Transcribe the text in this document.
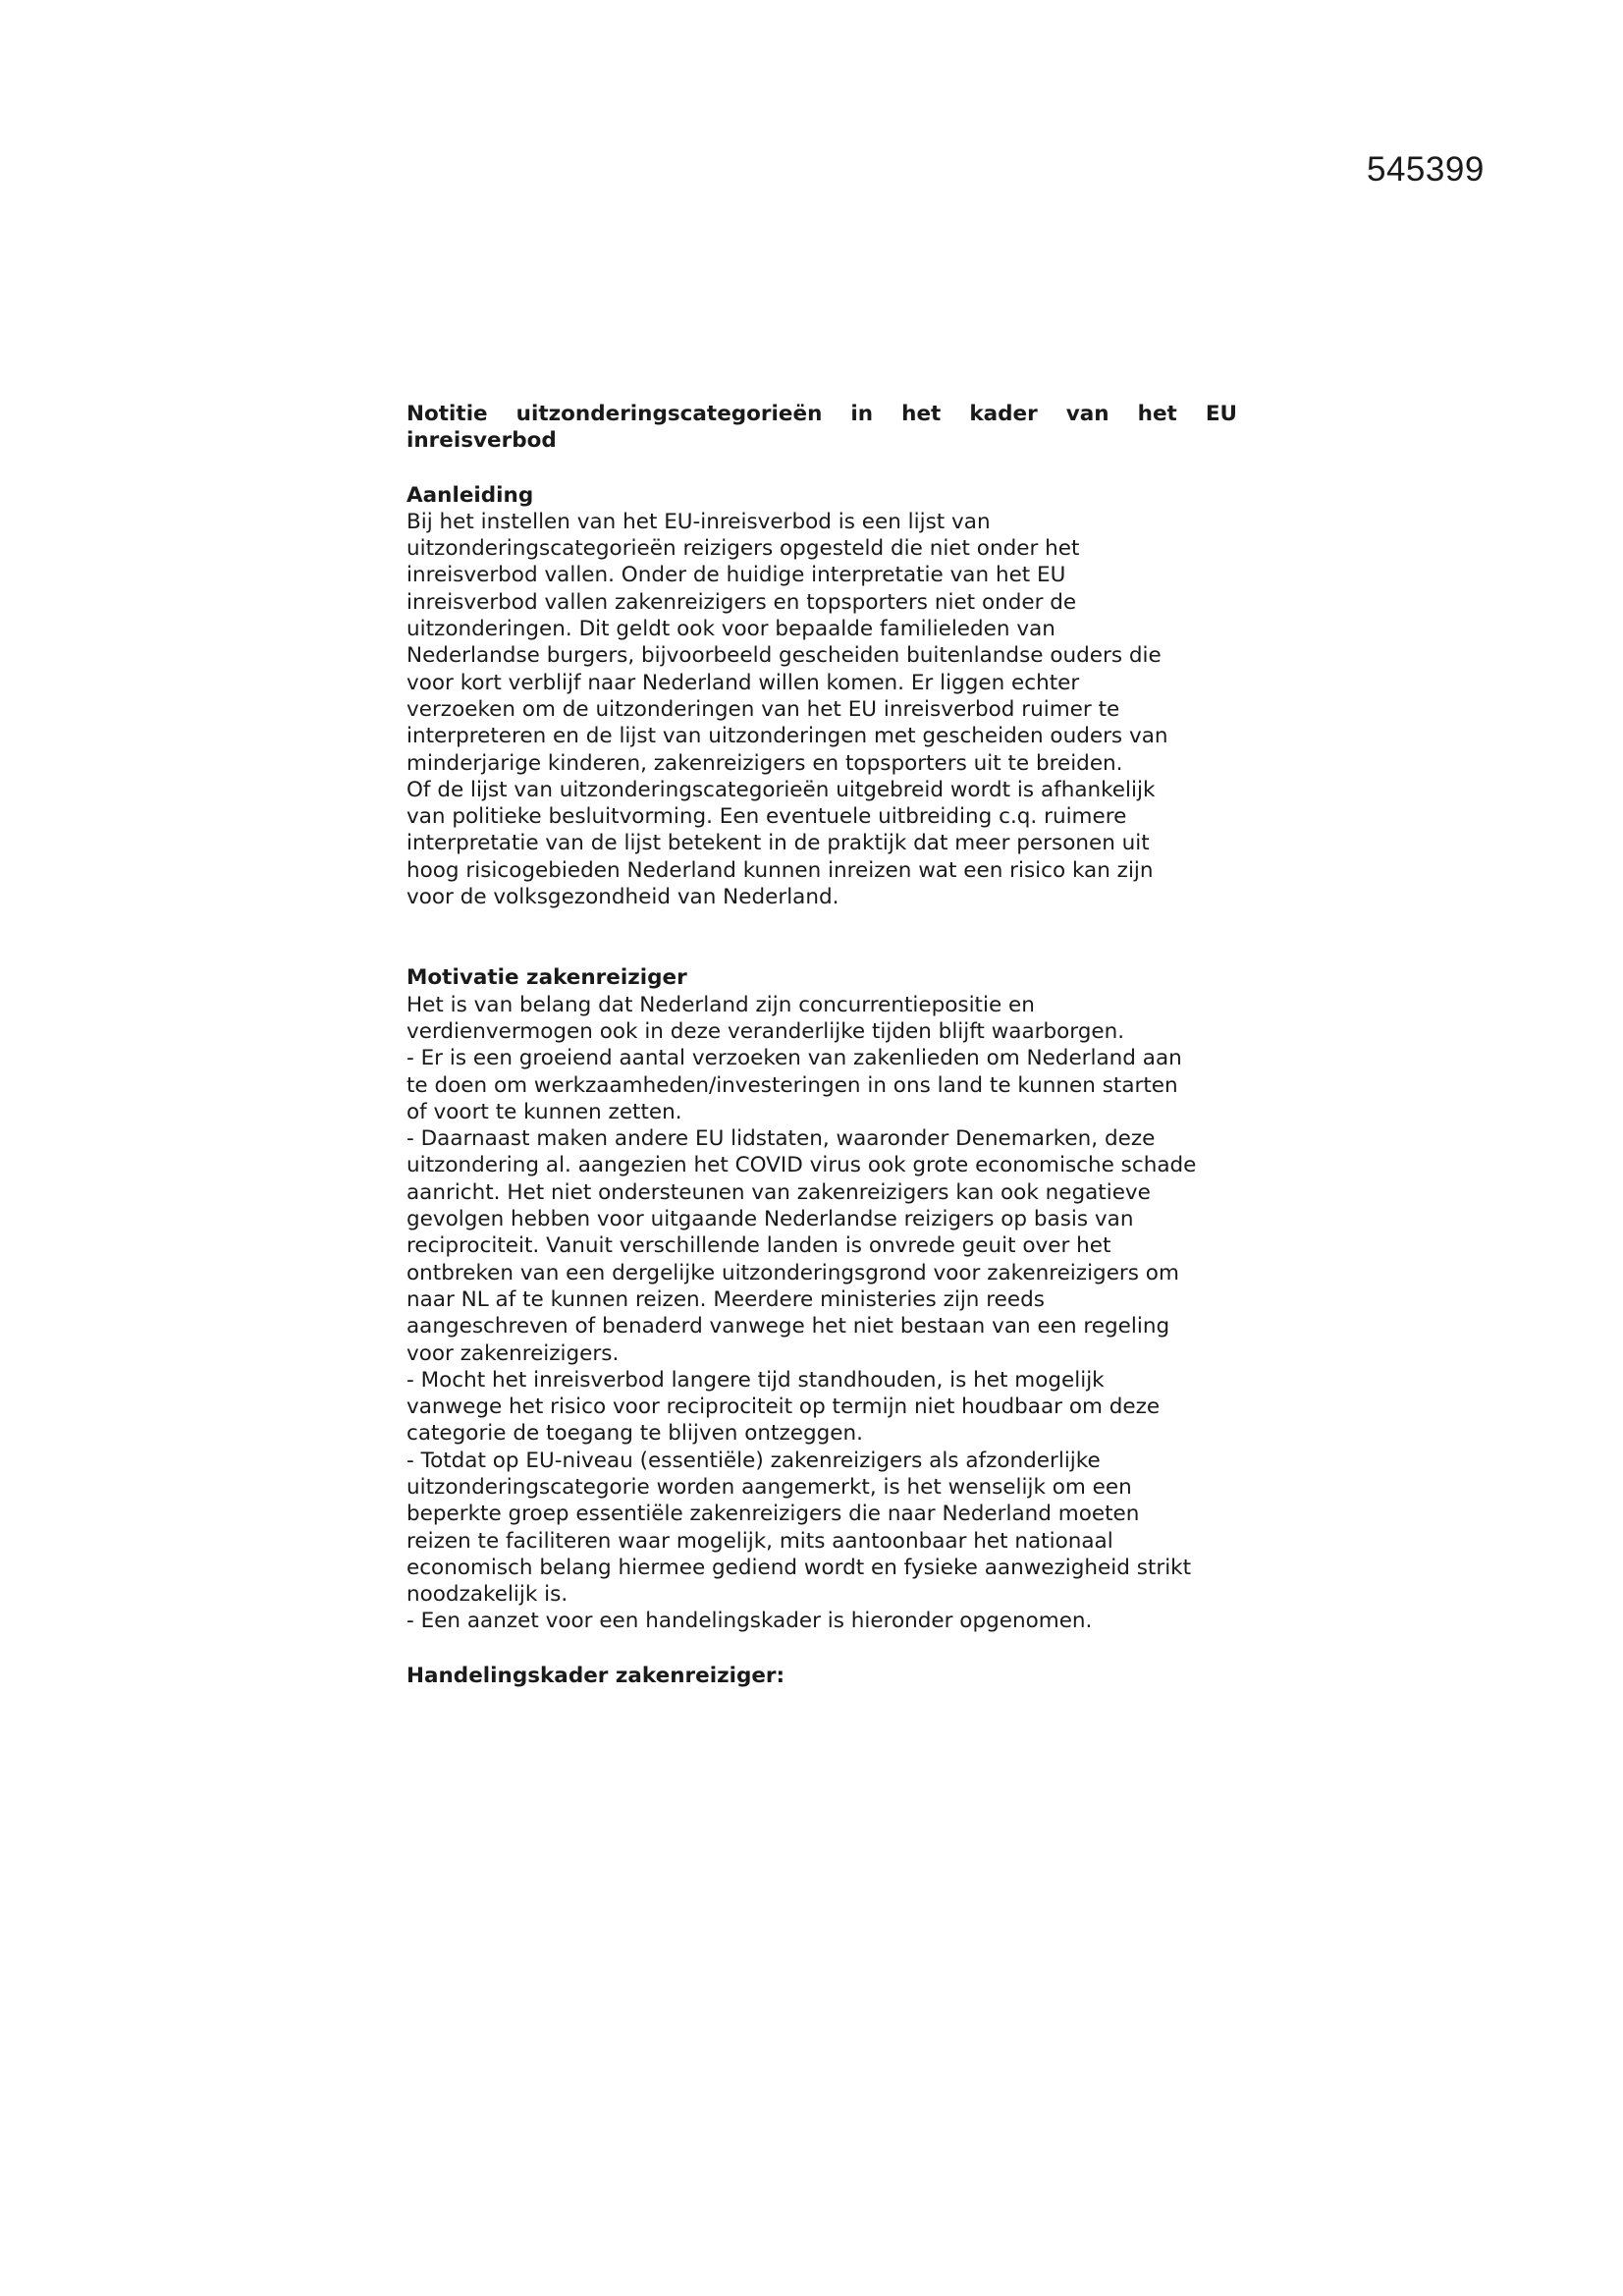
545399

Notitie uitzonderingscategorieën in het kader van het EU inreisverbod

Aanleiding

Bij het instellen van het EU-inreisverbod is een lijst van
uitzonderingscategorieën reizigers opgesteld die niet onder het
inreisverbod vallen. Onder de huidige interpretatie van het EU
inreisverbod vallen zakenreizigers en topsporters niet onder de
uitzonderingen. Dit geldt ook voor bepaalde familieleden van
Nederlandse burgers, bijvoorbeeld gescheiden buitenlandse ouders die
voor kort verblijf naar Nederland willen komen. Er liggen echter
verzoeken om de uitzonderingen van het EU inreisverbod ruimer te
interpreteren en de lijst van uitzonderingen met gescheiden ouders van
minderjarige kinderen, zakenreizigers en topsporters uit te breiden.
Of de lijst van uitzonderingscategorieën uitgebreid wordt is afhankelijk
van politieke besluitvorming. Een eventuele uitbreiding c.q. ruimere
interpretatie van de lijst betekent in de praktijk dat meer personen uit
hoog risicogebieden Nederland kunnen inreizen wat een risico kan zijn
voor de volksgezondheid van Nederland.

Motivatie zakenreiziger

Het is van belang dat Nederland zijn concurrentiepositie en
verdienvermogen ook in deze veranderlijke tijden blijft waarborgen.
- Er is een groeiend aantal verzoeken van zakenlieden om Nederland aan
te doen om werkzaamheden/investeringen in ons land te kunnen starten
of voort te kunnen zetten.
- Daarnaast maken andere EU lidstaten, waaronder Denemarken, deze
uitzondering al. aangezien het COVID virus ook grote economische schade
aanricht. Het niet ondersteunen van zakenreizigers kan ook negatieve
gevolgen hebben voor uitgaande Nederlandse reizigers op basis van
reciprociteit. Vanuit verschillende landen is onvrede geuit over het
ontbreken van een dergelijke uitzonderingsgrond voor zakenreizigers om
naar NL af te kunnen reizen. Meerdere ministeries zijn reeds
aangeschreven of benaderd vanwege het niet bestaan van een regeling
voor zakenreizigers.
- Mocht het inreisverbod langere tijd standhouden, is het mogelijk
vanwege het risico voor reciprociteit op termijn niet houdbaar om deze
categorie de toegang te blijven ontzeggen.
- Totdat op EU-niveau (essentiële) zakenreizigers als afzonderlijke
uitzonderingscategorie worden aangemerkt, is het wenselijk om een
beperkte groep essentiële zakenreizigers die naar Nederland moeten
reizen te faciliteren waar mogelijk, mits aantoonbaar het nationaal
economisch belang hiermee gediend wordt en fysieke aanwezigheid strikt
noodzakelijk is.
- Een aanzet voor een handelingskader is hieronder opgenomen.

Handelingskader zakenreiziger:
